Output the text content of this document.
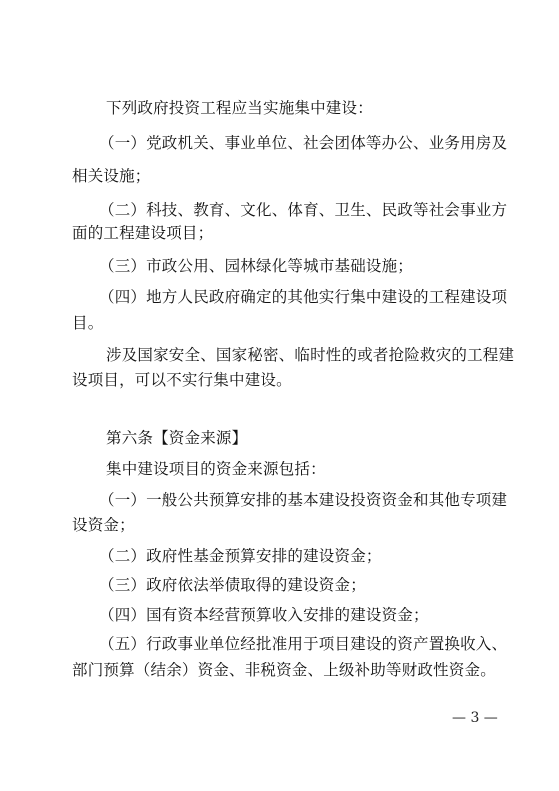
下列政府投资工程应当实施集中建设：
（一）党政机关、事业单位、社会团体等办公、业务用房及
相关设施；
（二）科技、教育、文化、体育、卫生、民政等社会事业方
面的工程建设项目；
（三）市政公用、园林绿化等城市基础设施；
（四）地方人民政府确定的其他实行集中建设的工程建设项
目。
涉及国家安全、国家秘密、临时性的或者抢险救灾的工程建
设项目，可以不实行集中建设。
第六条【资金来源】
集中建设项目的资金来源包括：
（一）一般公共预算安排的基本建设投资资金和其他专项建
设资金；
（二）政府性基金预算安排的建设资金；
（三）政府依法举债取得的建设资金；
（四）国有资本经营预算收入安排的建设资金；
（五）行政事业单位经批准用于项目建设的资产置换收入、
部门预算（结余）资金、非税资金、上级补助等财政性资金。
— 3 —
